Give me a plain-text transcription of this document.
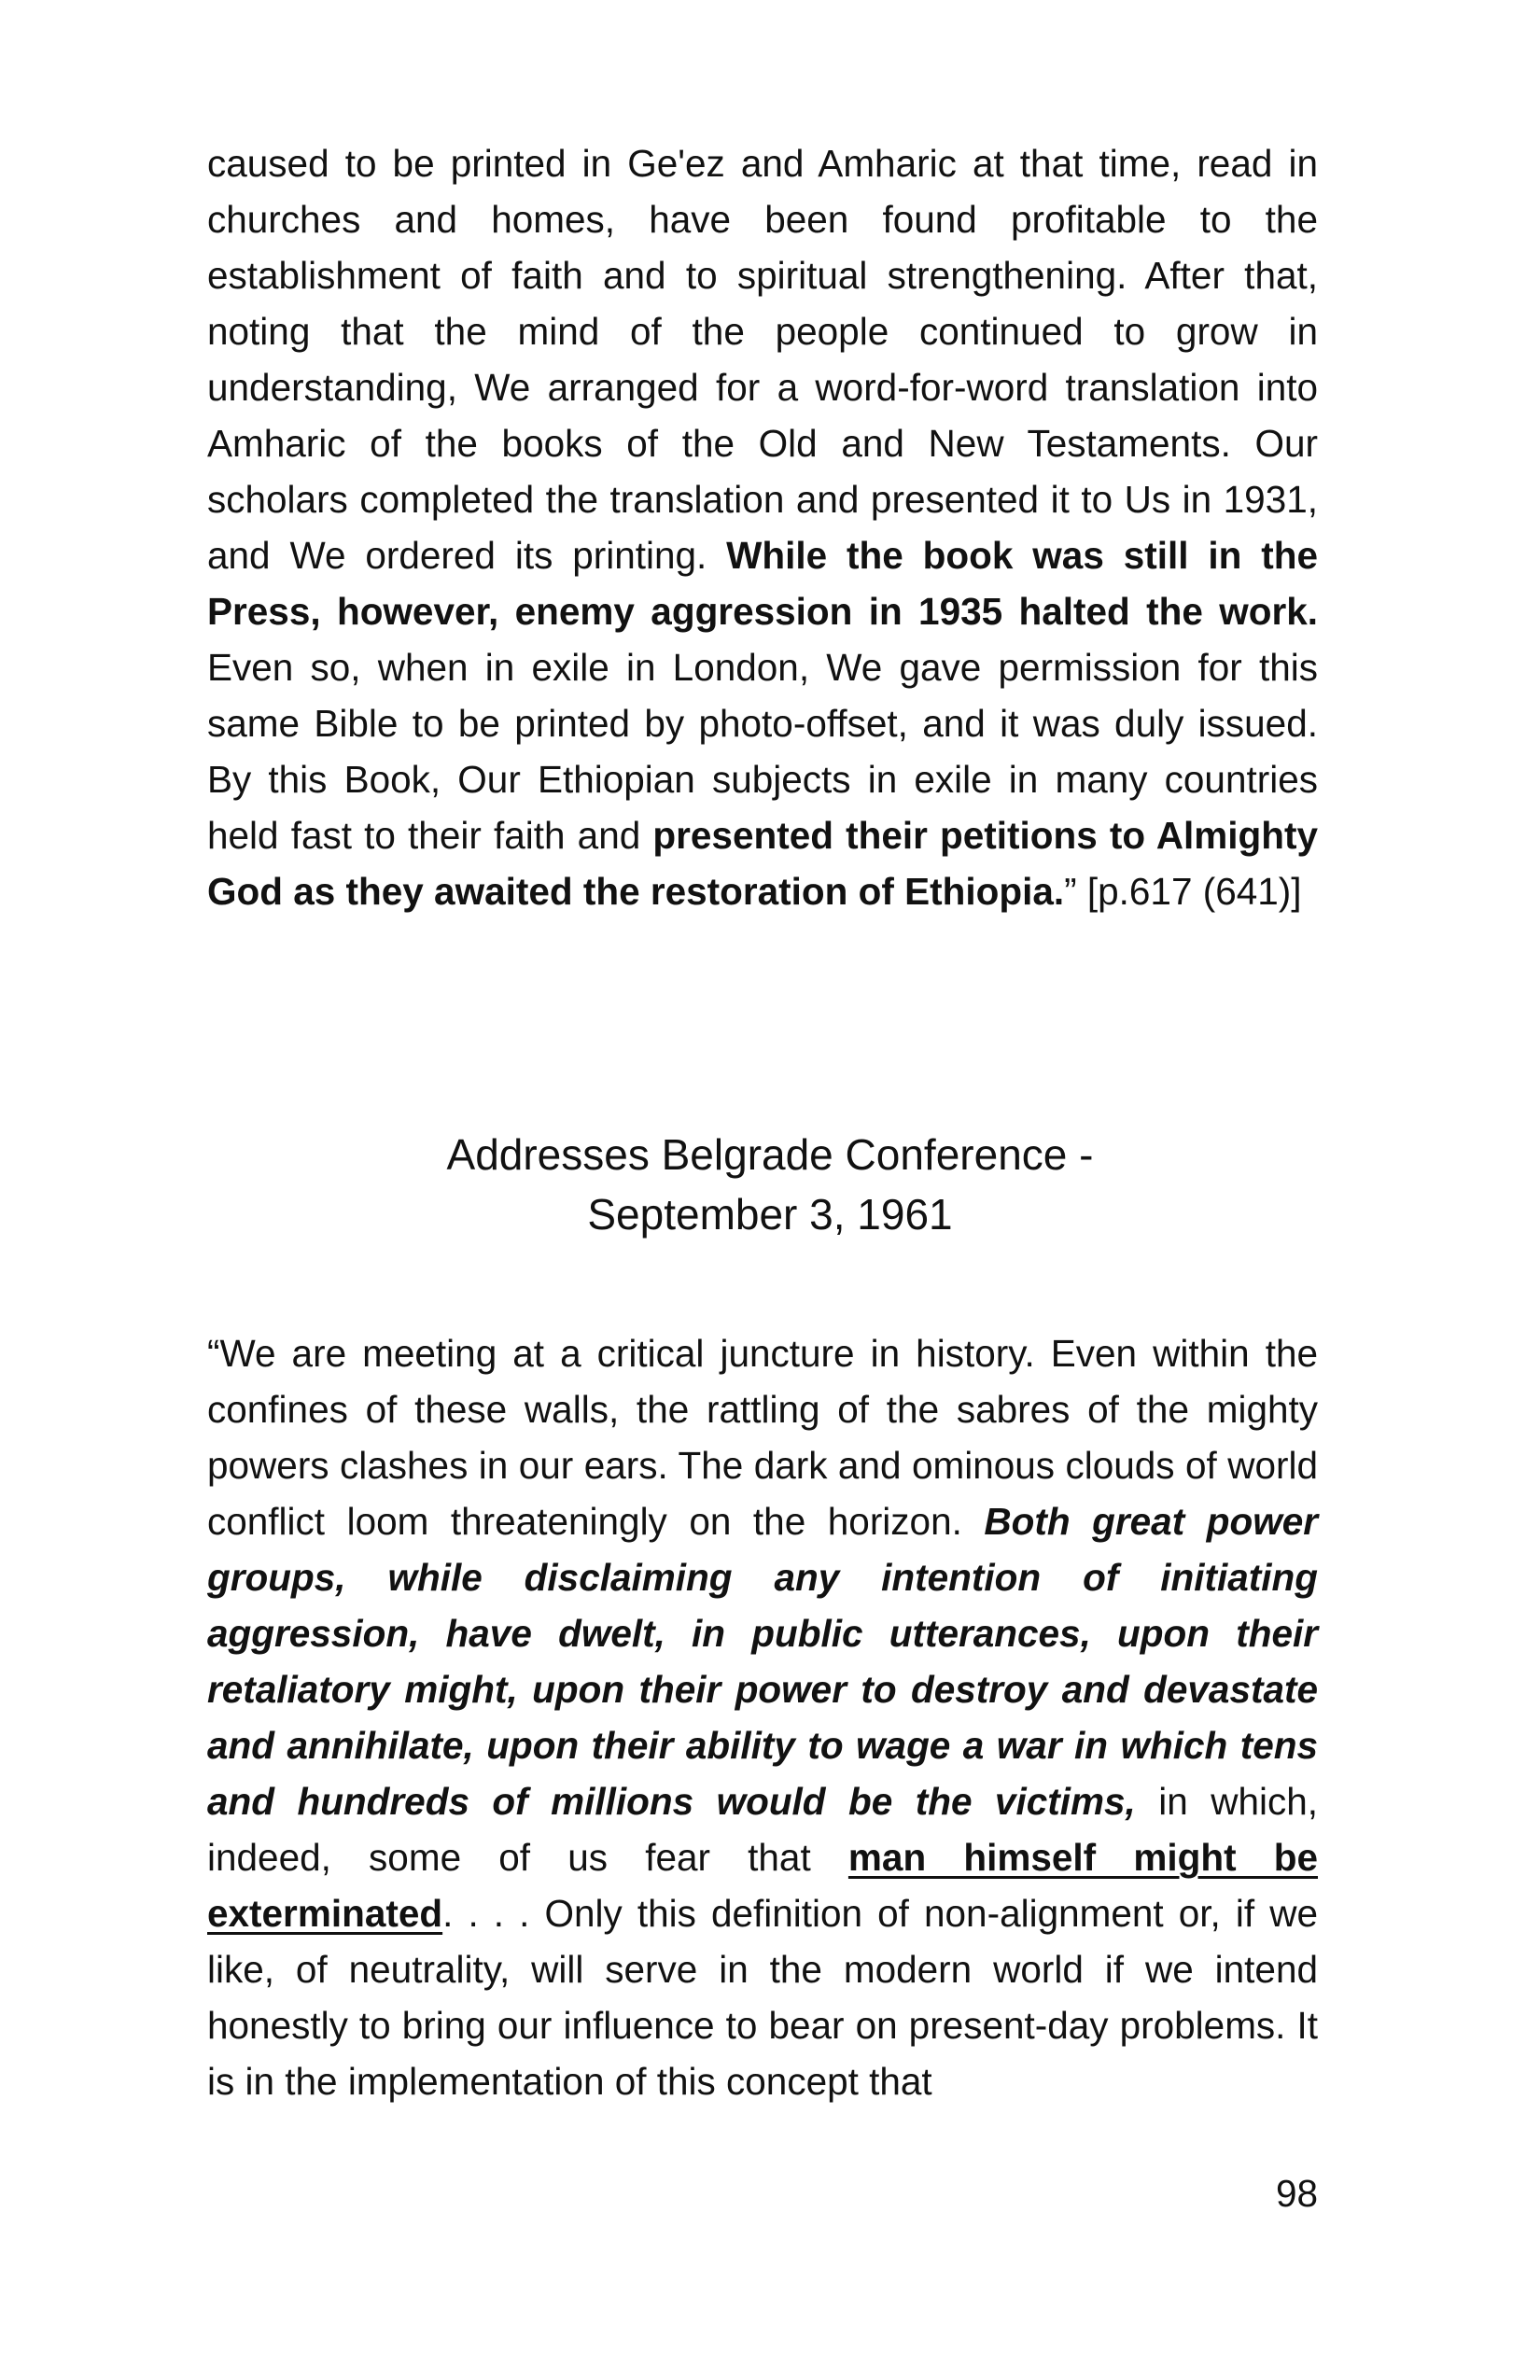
caused to be printed in Ge'ez and Amharic at that time, read in churches and homes, have been found profitable to the establishment of faith and to spiritual strengthening. After that, noting that the mind of the people continued to grow in understanding, We arranged for a word-for-word translation into Amharic of the books of the Old and New Testaments. Our scholars completed the translation and presented it to Us in 1931, and We ordered its printing. While the book was still in the Press, however, enemy aggression in 1935 halted the work. Even so, when in exile in London, We gave permission for this same Bible to be printed by photo-offset, and it was duly issued. By this Book, Our Ethiopian subjects in exile in many countries held fast to their faith and presented their petitions to Almighty God as they awaited the restoration of Ethiopia.” [p.617 (641)]

Addresses Belgrade Conference -
September 3, 1961

“We are meeting at a critical juncture in history. Even within the confines of these walls, the rattling of the sabres of the mighty powers clashes in our ears. The dark and ominous clouds of world conflict loom threateningly on the horizon. Both great power groups, while disclaiming any intention of initiating aggression, have dwelt, in public utterances, upon their retaliatory might, upon their power to destroy and devastate and annihilate, upon their ability to wage a war in which tens and hundreds of millions would be the victims, in which, indeed, some of us fear that man himself might be exterminated. . . . Only this definition of non-alignment or, if we like, of neutrality, will serve in the modern world if we intend honestly to bring our influence to bear on present-day problems. It is in the implementation of this concept that

98
